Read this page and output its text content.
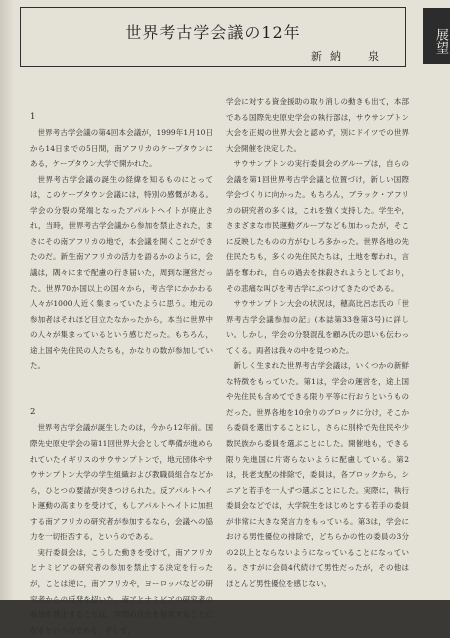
世界考古学会議の12年
新納　泉
展望
1

世界考古学会議の第4回本会議が，1999年1月10日から14日までの5日間，南アフリカのケープタウンにある，ケープタウン大学で開かれた。

世界考古学会議の誕生の経緯を知るものにとっては，このケープタウン会議には，特別の感慨がある。学会の分裂の発端となったアパルトヘイトが廃止され，当時，世界考古学会議から参加を禁止された，まさにその南アフリカの地で，本会議を開くことができたのだ。新生南アフリカの活力を語るかのように，会議は，隅々にまで配慮の行き届いた，周到な運営だった。世界70か国以上の国々から，考古学にかかわる人々が1000人近く集まっていたように思う。地元の参加者はそれほど目立たなかったから，本当に世界中の人々が集まっているという感じだった。もちろん，途上国や先住民の人たちも，かなりの数が参加していた。

2

世界考古学会議が誕生したのは，今から12年前。国際先史原史学会の第11回世界大会として準備が進められていたイギリスのサウサンプトンで，地元団体やサウサンプトン大学の学生組織および教職員組合などから，ひとつの要請が突きつけられた。反アパルトヘイト運動の高まりを受けて，もしアパルトヘイトに加担する南アフリカの研究者が参加するなら，会議への協力を一切拒否する，というのである。

実行委員会は，こうした動きを受けて，南アフリカとナミビアの研究者の参加を禁止する決定を行ったが，ことは逆に，南アフリカや，ヨーロッパなどの研究者からの反発を招いた。南アとナミビアの研究者の参加を禁止することは，学問の自由を侵害することになるというのである。そして，

学会に対する資金援助の取り消しの動きも出て，本部である国際先史原史学会の執行部は，サウサンプトン大会を正規の世界大会と認めず，別にドイツでの世界大会開催を決定した。

サウサンプトンの実行委員会のグループは，自らの会議を第1回世界考古学会議と位置づけ，新しい国際学会づくりに向かった。もちろん，ブラック・アフリカの研究者の多くは，これを強く支持した。学生や，さまざまな市民運動グループなども加わったが，そこに反映したものの方がむしろ多かった。世界各地の先住民たちも，多くの先住民たちは，土地を奪われ，言語を奪われ，自らの過去を抹殺されようとしており，その悲痛な叫びを考古学にぶつけてきたのである。

サウサンプトン大会の状況は，穂高比呂志氏の「世界考古学会議参加の記」(本誌第33巻第3号)に詳しい。しかし，学会の分裂混乱を顧み氏の思いも伝わってくる。両者は我々の中を見つめた。

新しく生まれた世界考古学会議は，いくつかの新鮮な特徴をもっていた。第1は，学会の運営を，途上国や先住民も含めてできる限り平等に行おうというものだった。世界各地を10余りのブロックに分け，そこから委員を選出することにし，さらに別枠で先住民や少数民族から委員を選ぶことにした。開催地も，できる限り先進国に片寄らないように配慮している。第2は，長老支配の排除で，委員は，各ブロックから，シニアと若手を一人ずつ選ぶことにした。実際に，執行委員会などでは，大学院生をはじめとする若手の委員が非常に大きな発言力をもっている。第3は，学会における男性優位の排除で，どちらかの性の委員の3分の2以上とならないようになっていることになっている。さすがに会員4代続けて男性だったが，その他はほとんど男性優位を感じない。
